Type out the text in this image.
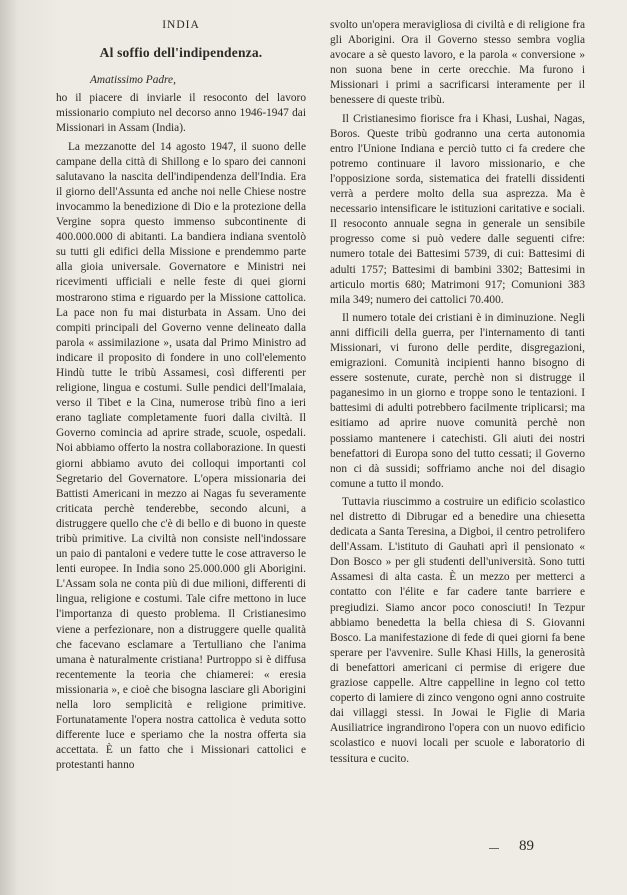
INDIA
Al soffio dell'indipendenza.
Amatissimo Padre,

ho il piacere di inviarle il resoconto del lavoro missionario compiuto nel decorso anno 1946-1947 dai Missionari in Assam (India).

La mezzanotte del 14 agosto 1947, il suono delle campane della città di Shillong e lo sparo dei cannoni salutavano la nascita dell'indipendenza dell'India. Era il giorno dell'Assunta ed anche noi nelle Chiese nostre invocammo la benedizione di Dio e la protezione della Vergine sopra questo immenso subcontinente di 400.000.000 di abitanti. La bandiera indiana sventolò su tutti gli edifici della Missione e prendemmo parte alla gioia universale. Governatore e Ministri nei ricevimenti ufficiali e nelle feste di quei giorni mostrarono stima e riguardo per la Missione cattolica. La pace non fu mai disturbata in Assam. Uno dei compiti principali del Governo venne delineato dalla parola « assimilazione », usata dal Primo Ministro ad indicare il proposito di fondere in uno coll'elemento Hindù tutte le tribù Assamesi, così differenti per religione, lingua e costumi. Sulle pendici dell'Imalaia, verso il Tibet e la Cina, numerose tribù fino a ieri erano tagliate completamente fuori dalla civiltà. Il Governo comincia ad aprire strade, scuole, ospedali. Noi abbiamo offerto la nostra collaborazione. In questi giorni abbiamo avuto dei colloqui importanti col Segretario del Governatore. L'opera missionaria dei Battisti Americani in mezzo ai Nagas fu severamente criticata perchè tenderebbe, secondo alcuni, a distruggere quello che c'è di bello e di buono in queste tribù primitive. La civiltà non consiste nell'indossare un paio di pantaloni e vedere tutte le cose attraverso le lenti europee. In India sono 25.000.000 gli Aborigini. L'Assam sola ne conta più di due milioni, differenti di lingua, religione e costumi. Tale cifre mettono in luce l'importanza di questo problema. Il Cristianesimo viene a perfezionare, non a distruggere quelle qualità che facevano esclamare a Tertulliano che l'anima umana è naturalmente cristiana! Purtroppo si è diffusa recentemente la teoria che chiamerei: « eresia missionaria », e cioè che bisogna lasciare gli Aborigini nella loro semplicità e religione primitive. Fortunatamente l'opera nostra cattolica è veduta sotto differente luce e speriamo che la nostra offerta sia accettata. È un fatto che i Missionari cattolici e protestanti hanno

svolto un'opera meravigliosa di civiltà e di religione fra gli Aborigini. Ora il Governo stesso sembra voglia avocare a sè questo lavoro, e la parola « conversione » non suona bene in certe orecchie. Ma furono i Missionari i primi a sacrificarsi interamente per il benessere di queste tribù.

Il Cristianesimo fiorisce fra i Khasi, Lushai, Nagas, Boros. Queste tribù godranno una certa autonomia entro l'Unione Indiana e perciò tutto ci fa credere che potremo continuare il lavoro missionario, e che l'opposizione sorda, sistematica dei fratelli dissidenti verrà a perdere molto della sua asprezza. Ma è necessario intensificare le istituzioni caritative e sociali. Il resoconto annuale segna in generale un sensibile progresso come si può vedere dalle seguenti cifre: numero totale dei Battesimi 5739, di cui: Battesimi di adulti 1757; Battesimi di bambini 3302; Battesimi in articulo mortis 680; Matrimoni 917; Comunioni 383 mila 349; numero dei cattolici 70.400.

Il numero totale dei cristiani è in diminuzione. Negli anni difficili della guerra, per l'internamento di tanti Missionari, vi furono delle perdite, disgregazioni, emigrazioni. Comunità incipienti hanno bisogno di essere sostenute, curate, perchè non si distrugge il paganesimo in un giorno e troppe sono le tentazioni. I battesimi di adulti potrebbero facilmente triplicarsi; ma esitiamo ad aprire nuove comunità perchè non possiamo mantenere i catechisti. Gli aiuti dei nostri benefattori di Europa sono del tutto cessati; il Governo non ci dà sussidi; soffriamo anche noi del disagio comune a tutto il mondo.

Tuttavia riuscimmo a costruire un edificio scolastico nel distretto di Dibrugar ed a benedire una chiesetta dedicata a Santa Teresina, a Digboi, il centro petrolifero dell'Assam. L'istituto di Gauhati aprì il pensionato « Don Bosco » per gli studenti dell'università. Sono tutti Assamesi di alta casta. È un mezzo per metterci a contatto con l'élite e far cadere tante barriere e pregiudizi. Siamo ancor poco conosciuti! In Tezpur abbiamo benedetta la bella chiesa di S. Giovanni Bosco. La manifestazione di fede di quei giorni fa bene sperare per l'avvenire. Sulle Khasi Hills, la generosità di benefattori americani ci permise di erigere due graziose cappelle. Altre cappelline in legno col tetto coperto di lamiere di zinco vengono ogni anno costruite dai villaggi stessi. In Jowai le Figlie di Maria Ausiliatrice ingrandirono l'opera con un nuovo edificio scolastico e nuovi locali per scuole e laboratorio di tessitura e cucito.

89
